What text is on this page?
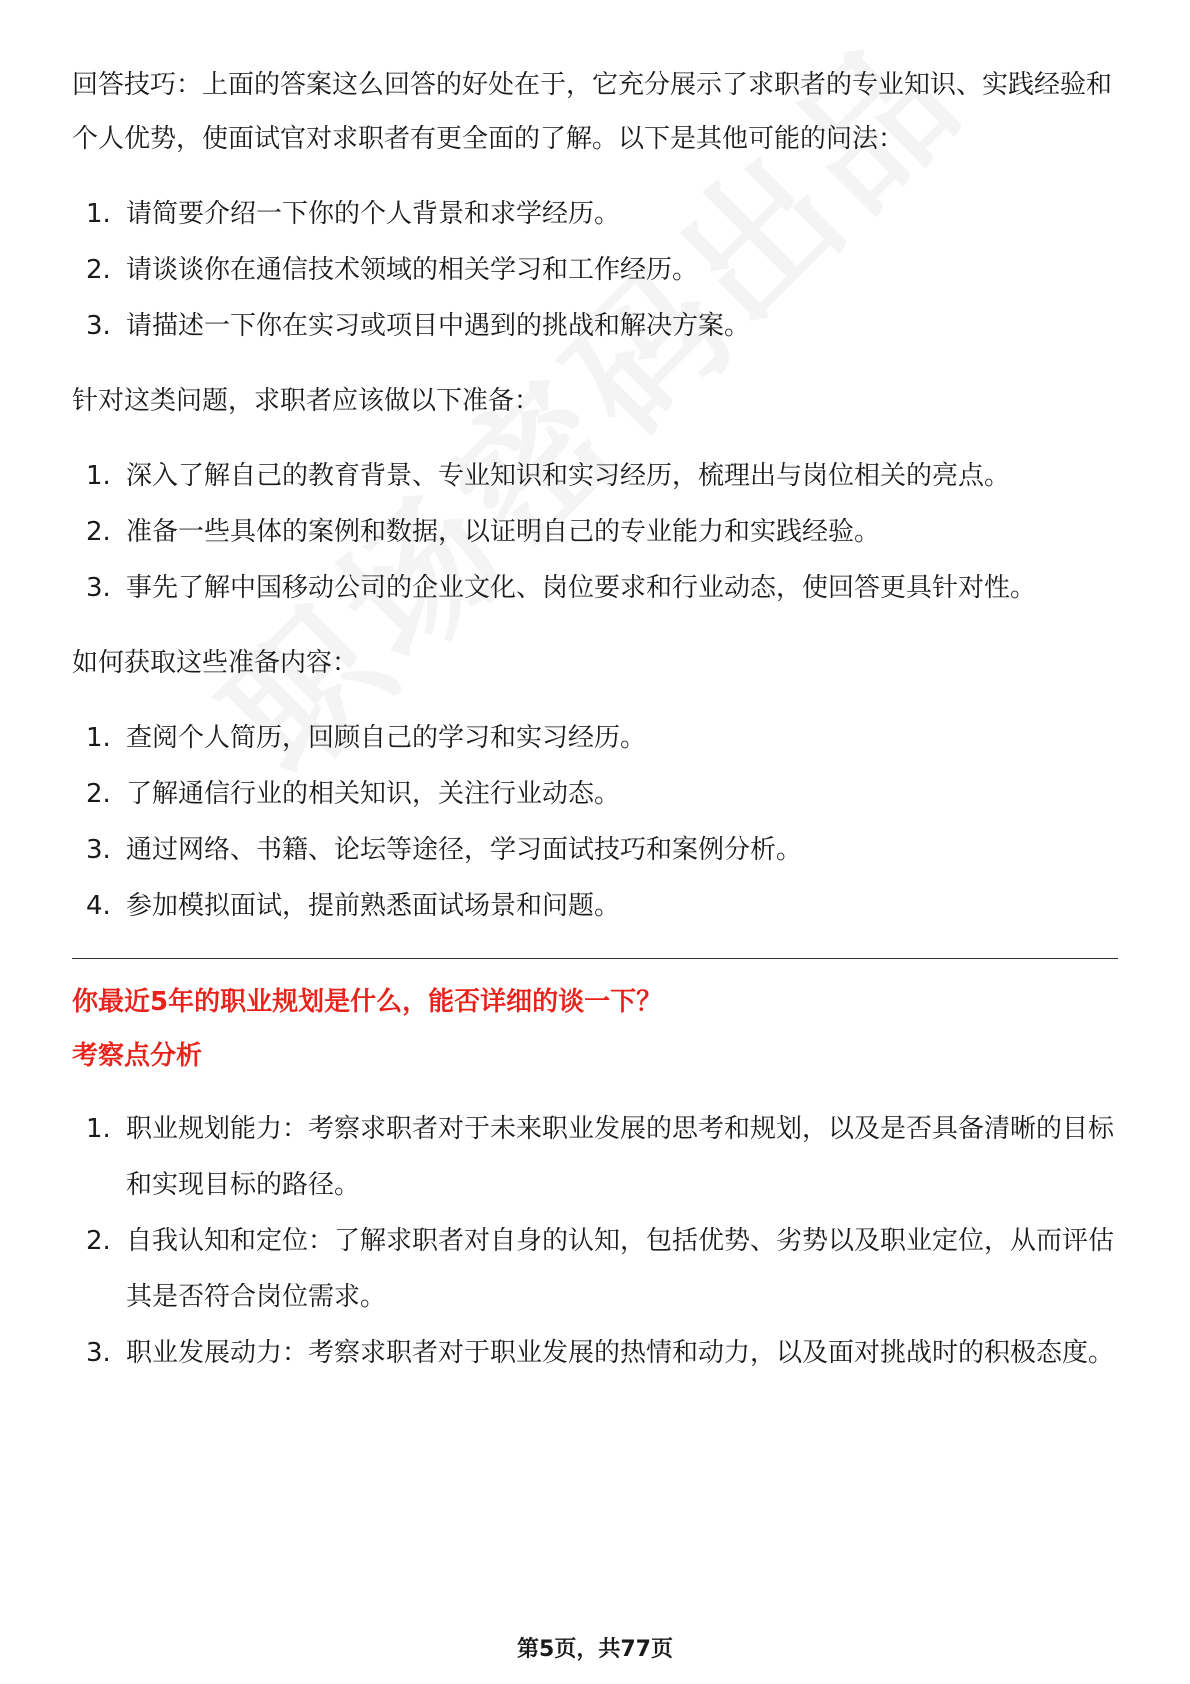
回答技巧：上面的答案这么回答的好处在于，它充分展示了求职者的专业知识、实践经验和个人优势，使面试官对求职者有更全面的了解。以下是其他可能的问法：

1. 请简要介绍一下你的个人背景和求学经历。
2. 请谈谈你在通信技术领域的相关学习和工作经历。
3. 请描述一下你在实习或项目中遇到的挑战和解决方案。

针对这类问题，求职者应该做以下准备：

1. 深入了解自己的教育背景、专业知识和实习经历，梳理出与岗位相关的亮点。
2. 准备一些具体的案例和数据，以证明自己的专业能力和实践经验。
3. 事先了解中国移动公司的企业文化、岗位要求和行业动态，使回答更具针对性。

如何获取这些准备内容：

1. 查阅个人简历，回顾自己的学习和实习经历。
2. 了解通信行业的相关知识，关注行业动态。
3. 通过网络、书籍、论坛等途径，学习面试技巧和案例分析。
4. 参加模拟面试，提前熟悉面试场景和问题。

你最近5年的职业规划是什么，能否详细的谈一下？

考察点分析

1. 职业规划能力：考察求职者对于未来职业发展的思考和规划，以及是否具备清晰的目标和实现目标的路径。
2. 自我认知和定位：了解求职者对自身的认知，包括优势、劣势以及职业定位，从而评估其是否符合岗位需求。
3. 职业发展动力：考察求职者对于职业发展的热情和动力，以及面对挑战时的积极态度。
第5页，共77页
